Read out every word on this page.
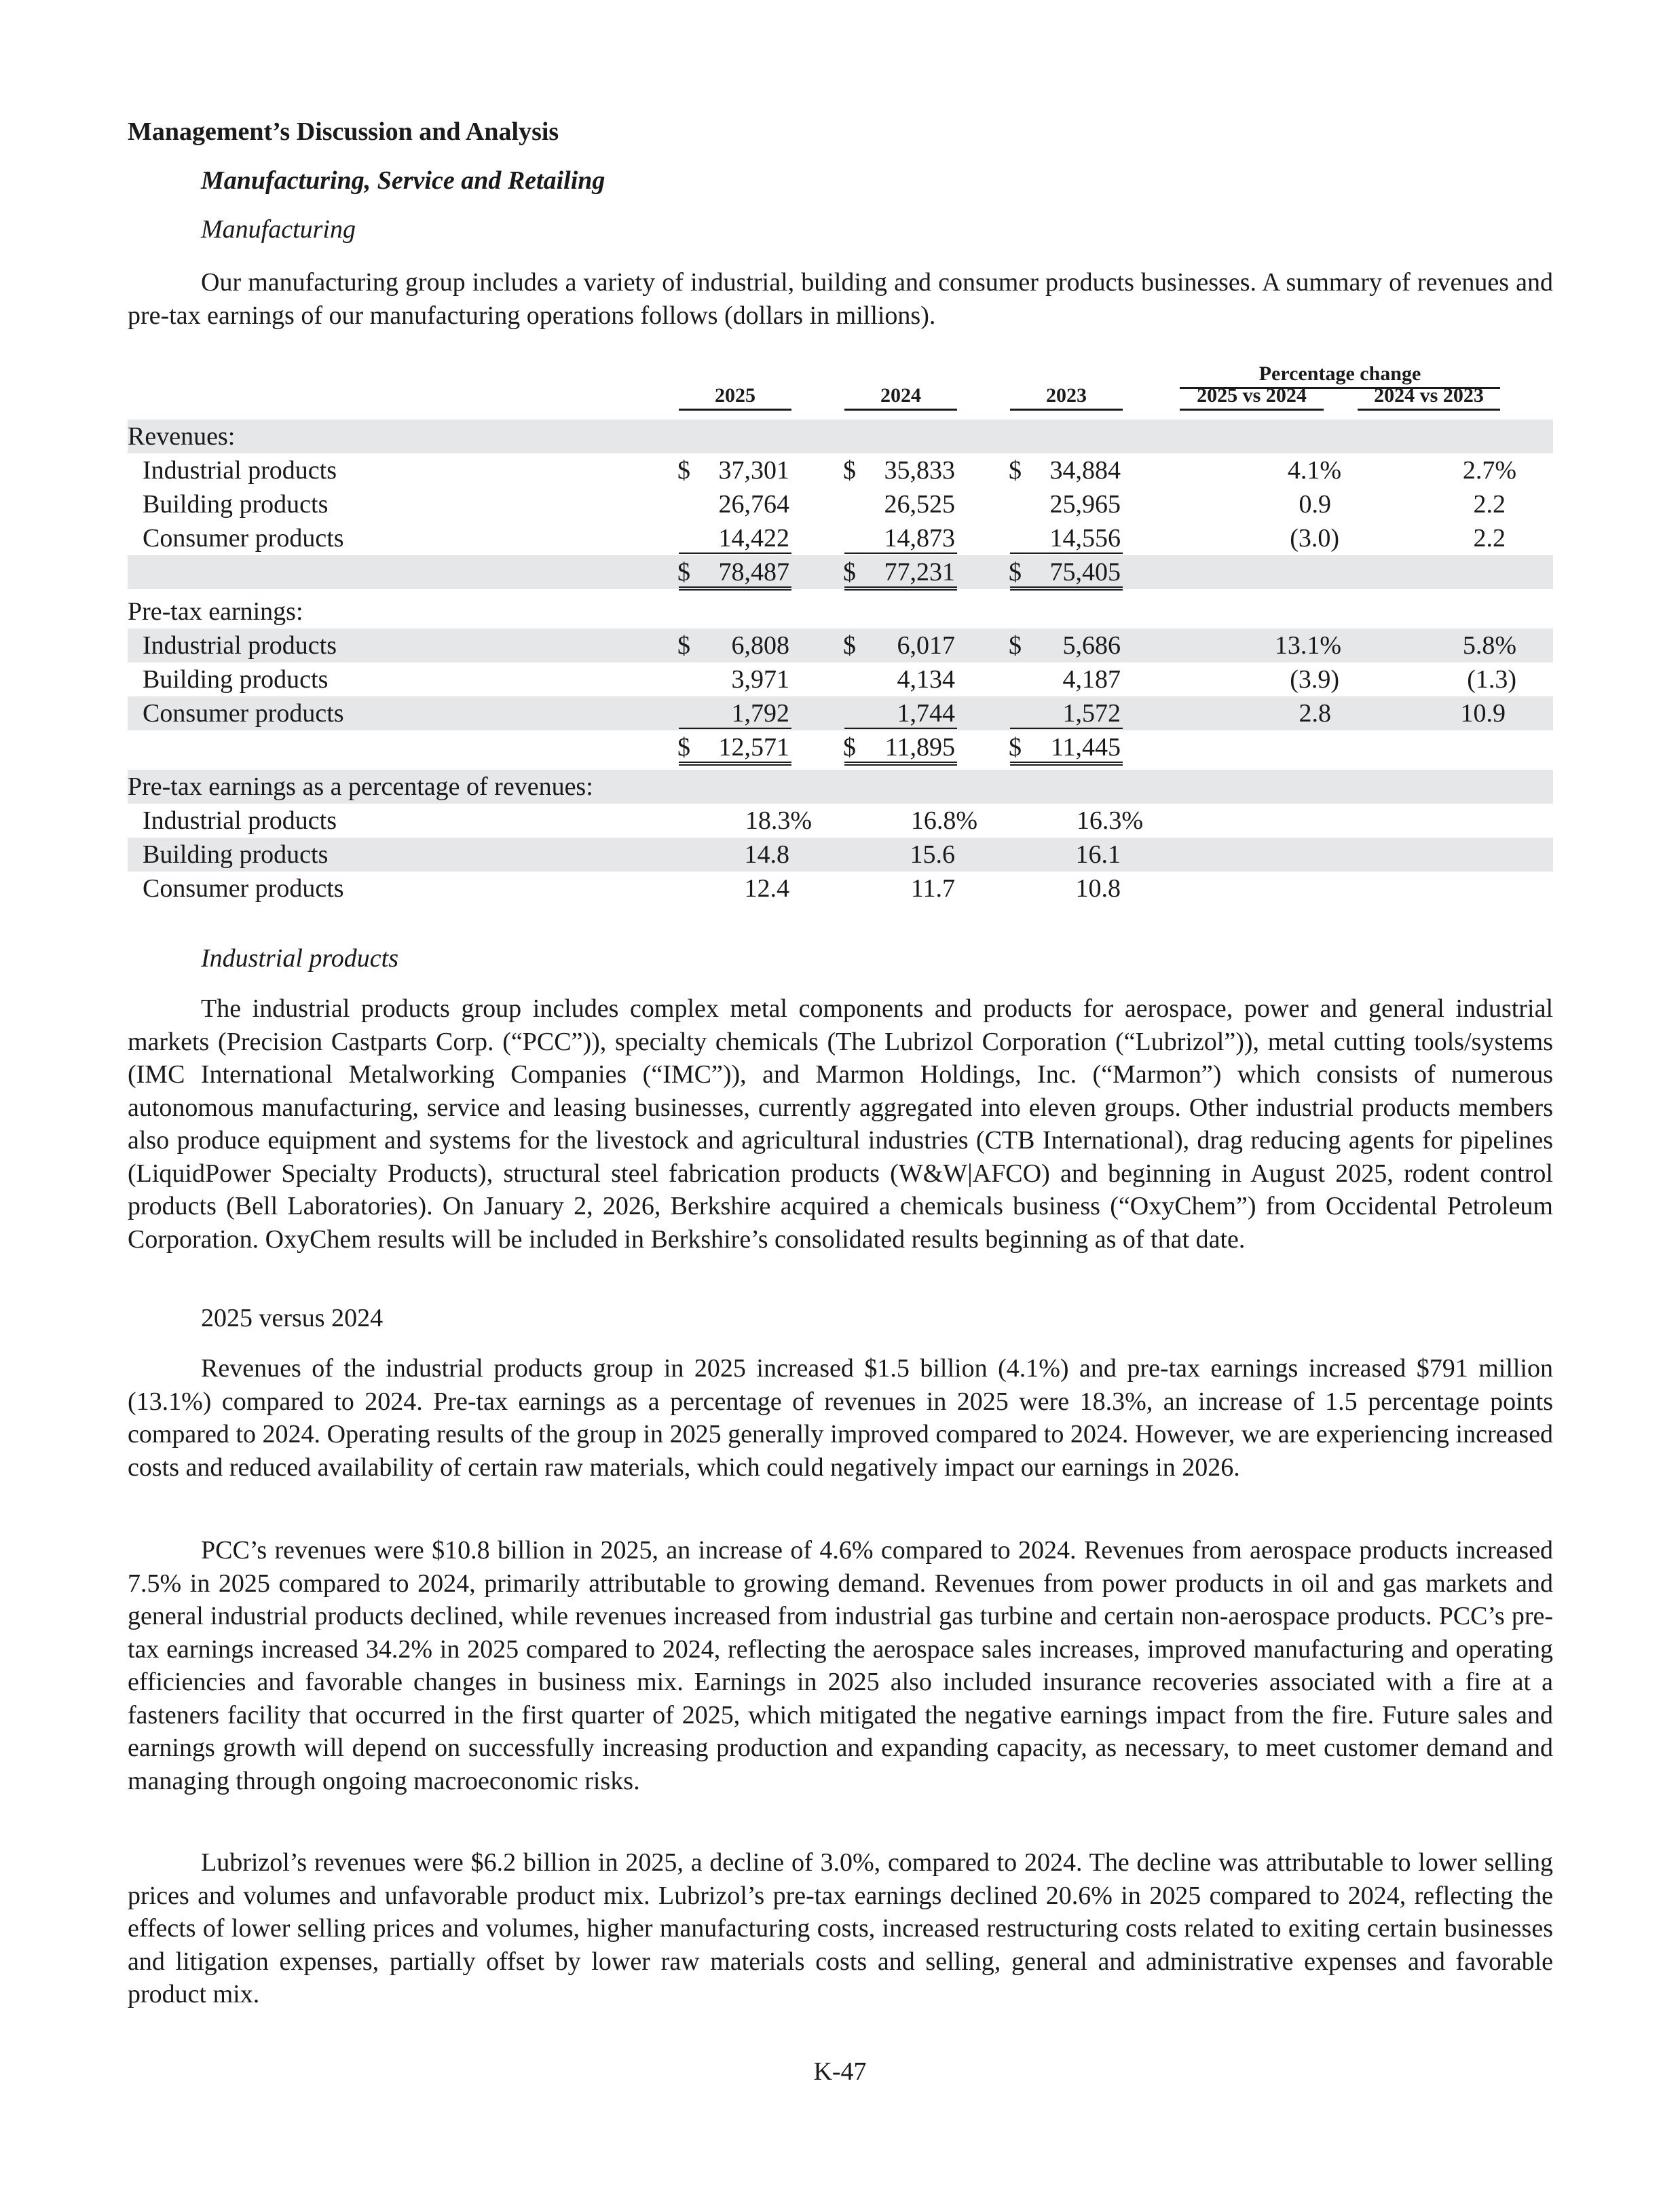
Management’s Discussion and Analysis
Manufacturing, Service and Retailing
Manufacturing

Our manufacturing group includes a variety of industrial, building and consumer products businesses. A summary of revenues and pre-tax earnings of our manufacturing operations follows (dollars in millions).

Percentage change
2025	2024	2023	2025 vs 2024	2024 vs 2023
Revenues:
Industrial products	$	37,301 $	35,833 $	34,884	4.1%	2.7%
Building products	26,764	26,525	25,965	0.9	2.2
Consumer products	14,422	14,873	14,556	(3.0)	2.2
$	78,487 $	77,231 $	75,405
Pre-tax earnings:
Industrial products	$	6,808 $	6,017 $	5,686	13.1%	5.8%
Building products	3,971	4,134	4,187	(3.9)	(1.3)
Consumer products	1,792	1,744	1,572	2.8	10.9
$	12,571 $	11,895 $	11,445
Pre-tax earnings as a percentage of revenues:
Industrial products	18.3%	16.8%	16.3%
Building products	14.8	15.6	16.1
Consumer products	12.4	11.7	10.8
Industrial products

The industrial products group includes complex metal components and products for aerospace, power and general industrial markets (Precision Castparts Corp. (“PCC”)), specialty chemicals (The Lubrizol Corporation (“Lubrizol”)), metal cutting tools/systems (IMC International Metalworking Companies (“IMC”)), and Marmon Holdings, Inc. (“Marmon”) which consists of numerous autonomous manufacturing, service and leasing businesses, currently aggregated into eleven groups. Other industrial products members also produce equipment and systems for the livestock and agricultural industries (CTB International), drag reducing agents for pipelines (LiquidPower Specialty Products), structural steel fabrication products (W&W|AFCO) and beginning in August 2025, rodent control products (Bell Laboratories). On January 2, 2026, Berkshire acquired a chemicals business (“OxyChem”) from Occidental Petroleum Corporation. OxyChem results will be included in Berkshire’s consolidated results beginning as of that date.

2025 versus 2024

Revenues of the industrial products group in 2025 increased $1.5 billion (4.1%) and pre-tax earnings increased $791 million (13.1%) compared to 2024. Pre-tax earnings as a percentage of revenues in 2025 were 18.3%, an increase of 1.5 percentage points compared to 2024. Operating results of the group in 2025 generally improved compared to 2024. However, we are experiencing increased costs and reduced availability of certain raw materials, which could negatively impact our earnings in 2026.

PCC’s revenues were $10.8 billion in 2025, an increase of 4.6% compared to 2024. Revenues from aerospace products increased 7.5% in 2025 compared to 2024, primarily attributable to growing demand. Revenues from power products in oil and gas markets and general industrial products declined, while revenues increased from industrial gas turbine and certain non-aerospace products. PCC’s pre-tax earnings increased 34.2% in 2025 compared to 2024, reflecting the aerospace sales increases, improved manufacturing and operating efficiencies and favorable changes in business mix. Earnings in 2025 also included insurance recoveries associated with a fire at a fasteners facility that occurred in the first quarter of 2025, which mitigated the negative earnings impact from the fire. Future sales and earnings growth will depend on successfully increasing production and expanding capacity, as necessary, to meet customer demand and managing through ongoing macroeconomic risks.

Lubrizol’s revenues were $6.2 billion in 2025, a decline of 3.0%, compared to 2024. The decline was attributable to lower selling prices and volumes and unfavorable product mix. Lubrizol’s pre-tax earnings declined 20.6% in 2025 compared to 2024, reflecting the effects of lower selling prices and volumes, higher manufacturing costs, increased restructuring costs related to exiting certain businesses and litigation expenses, partially offset by lower raw materials costs and selling, general and administrative expenses and favorable product mix.

K-47
